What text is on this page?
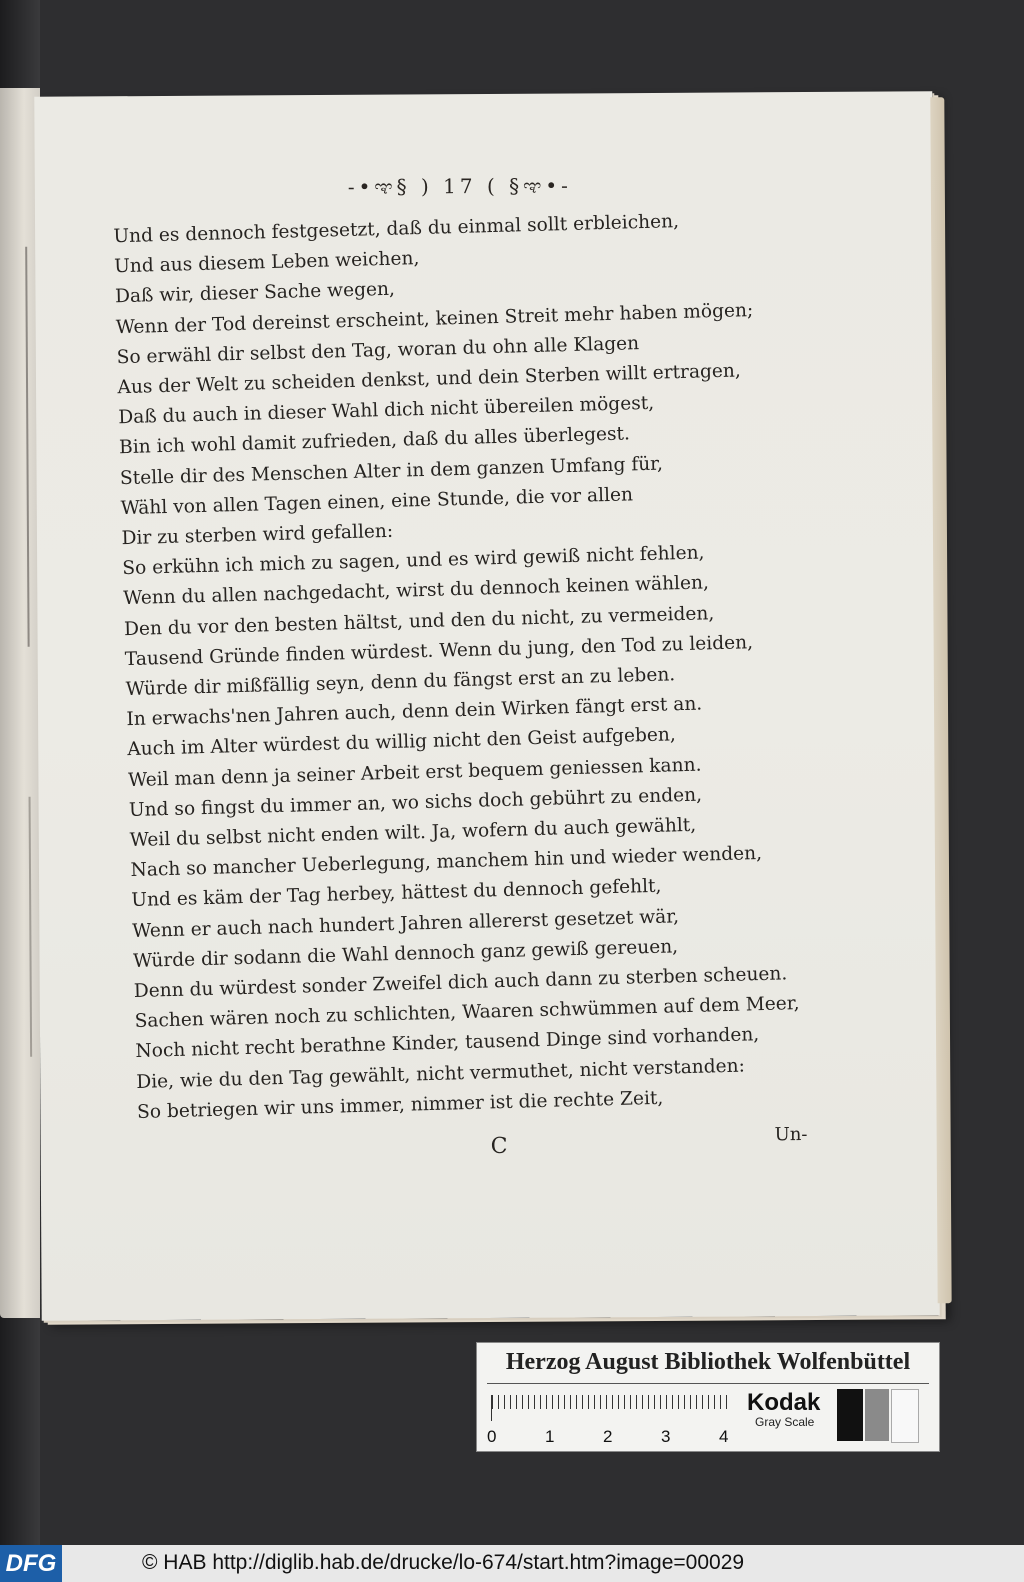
-•ಞ§ ) 17 ( §ಞ•-
Und es dennoch festgesetzt, daß du einmal sollt erbleichen,
Und aus diesem Leben weichen,
Daß wir, dieser Sache wegen,
Wenn der Tod dereinst erscheint, keinen Streit mehr haben mögen;
So erwähl dir selbst den Tag, woran du ohn alle Klagen
Aus der Welt zu scheiden denkst, und dein Sterben willt ertragen,
Daß du auch in dieser Wahl dich nicht übereilen mögest,
Bin ich wohl damit zufrieden, daß du alles überlegest.
Stelle dir des Menschen Alter in dem ganzen Umfang für,
Wähl von allen Tagen einen, eine Stunde, die vor allen
Dir zu sterben wird gefallen:
So erkühn ich mich zu sagen, und es wird gewiß nicht fehlen,
Wenn du allen nachgedacht, wirst du dennoch keinen wählen,
Den du vor den besten hältst, und den du nicht, zu vermeiden,
Tausend Gründe finden würdest. Wenn du jung, den Tod zu leiden,
Würde dir mißfällig seyn, denn du fängst erst an zu leben.
In erwachs'nen Jahren auch, denn dein Wirken fängt erst an.
Auch im Alter würdest du willig nicht den Geist aufgeben,
Weil man denn ja seiner Arbeit erst bequem geniessen kann.
Und so fingst du immer an, wo sichs doch gebührt zu enden,
Weil du selbst nicht enden wilt. Ja, wofern du auch gewählt,
Nach so mancher Ueberlegung, manchem hin und wieder wenden,
Und es käm der Tag herbey, hättest du dennoch gefehlt,
Wenn er auch nach hundert Jahren allererst gesetzet wär,
Würde dir sodann die Wahl dennoch ganz gewiß gereuen,
Denn du würdest sonder Zweifel dich auch dann zu sterben scheuen.
Sachen wären noch zu schlichten, Waaren schwümmen auf dem Meer,
Noch nicht recht berathne Kinder, tausend Dinge sind vorhanden,
Die, wie du den Tag gewählt, nicht vermuthet, nicht verstanden:
So betriegen wir uns immer, nimmer ist die rechte Zeit,
C	Un-
Herzog August Bibliothek Wolfenbüttel
0	1	2	3	4
Kodak
Gray Scale
DFG	© HAB http://diglib.hab.de/drucke/lo-674/start.htm?image=00029
